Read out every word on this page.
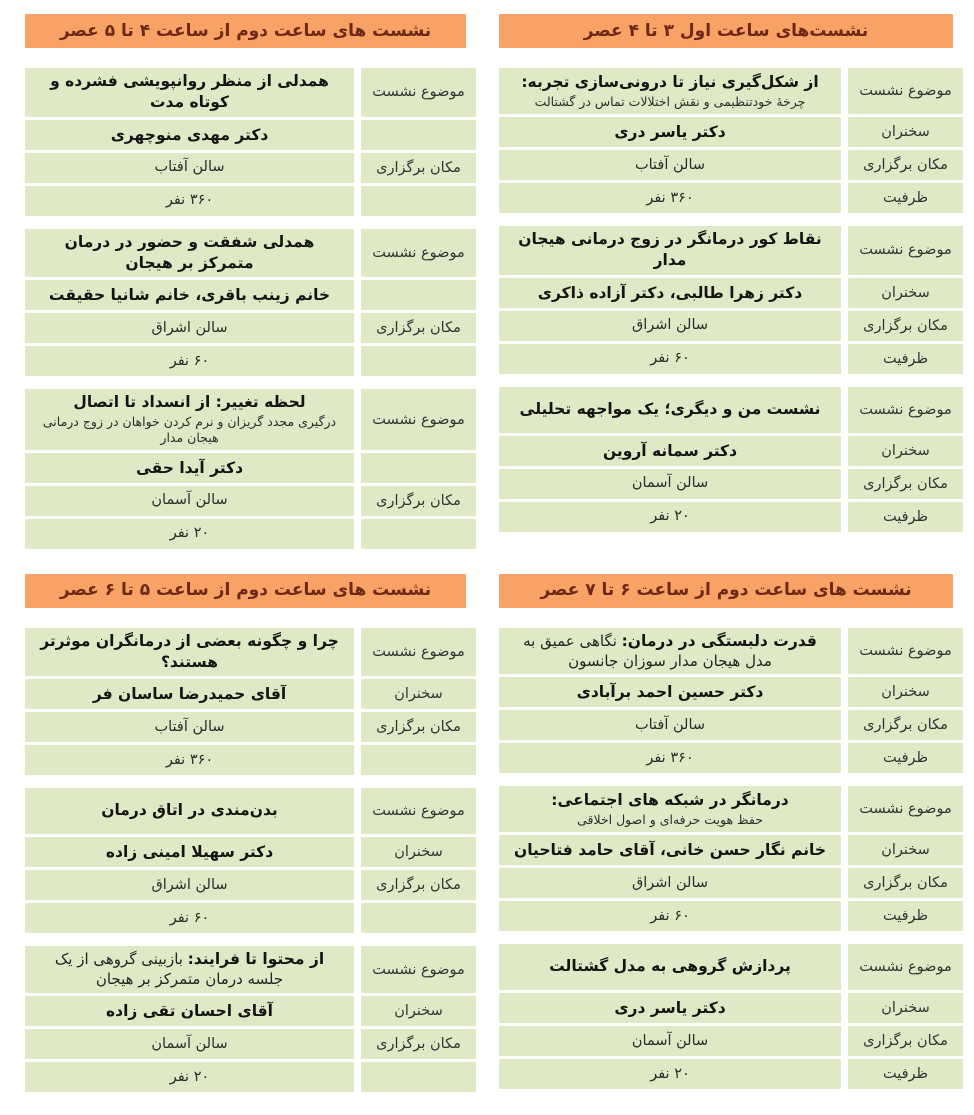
نشست‌های ساعت اول ۳ تا ۴ عصر
موضوع نشست
از شکل‌گیری نیاز تا درونی‌سازی تجربه:
چرخهٔ خودتنظیمی و نقش اختلالات تماس در گشتالت
سخنران
دکتر یاسر دری
مکان برگزاری
سالن آفتاب
ظرفیت
۳۶۰ نفر
موضوع نشست
نقاط کور درمانگر در زوج درمانی هیجان مدار
سخنران
دکتر زهرا طالبی، دکتر آزاده ذاکری
مکان برگزاری
سالن اشراق
ظرفیت
۶۰ نفر
موضوع نشست
نشست من و دیگری؛ یک مواجهه تحلیلی
سخنران
دکتر سمانه آروین
مکان برگزاری
سالن آسمان
ظرفیت
۲۰ نفر
نشست های ساعت دوم از ساعت ۴ تا ۵ عصر
موضوع نشست
همدلی از منظر روانپویشی فشرده و کوتاه مدت
دکتر مهدی منوچهری
مکان برگزاری
سالن آفتاب
۳۶۰ نفر
موضوع نشست
همدلی شفقت و حضور در درمان متمرکز بر هیجان
خانم زینب باقری، خانم شانیا حقیقت
مکان برگزاری
سالن اشراق
۶۰ نفر
موضوع نشست
لحظه تغییر: از انسداد تا اتصال
درگیری مجدد گریزان و نرم کردن خواهان در زوج درمانی هیجان مدار
دکتر آیدا حقی
مکان برگزاری
سالن آسمان
۲۰ نفر
نشست های ساعت دوم از ساعت ۶ تا ۷ عصر
موضوع نشست
قدرت دلبستگی در درمان: نگاهی عمیق به مدل هیجان مدار سوزان جانسون
سخنران
دکتر حسین احمد برآبادی
مکان برگزاری
سالن آفتاب
ظرفیت
۳۶۰ نفر
موضوع نشست
درمانگر در شبکه های اجتماعی:
حفظ هویت حرفه‌ای و اصول اخلاقی
سخنران
خانم نگار حسن خانی، آقای حامد فتاحیان
مکان برگزاری
سالن اشراق
ظرفیت
۶۰ نفر
موضوع نشست
پردازش گروهی به مدل گشتالت
سخنران
دکتر یاسر دری
مکان برگزاری
سالن آسمان
ظرفیت
۲۰ نفر
نشست های ساعت دوم از ساعت ۵ تا ۶ عصر
موضوع نشست
چرا و چگونه بعضی از درمانگران موثرتر هستند؟
سخنران
آقای حمیدرضا ساسان فر
مکان برگزاری
سالن آفتاب
۳۶۰ نفر
موضوع نشست
بدن‌مندی در اتاق درمان
سخنران
دکتر سهیلا امینی زاده
مکان برگزاری
سالن اشراق
۶۰ نفر
موضوع نشست
از محتوا تا فرایند: بازبینی گروهی از یک جلسه درمان متمرکز بر هیجان
سخنران
آقای احسان تقی زاده
مکان برگزاری
سالن آسمان
۲۰ نفر
